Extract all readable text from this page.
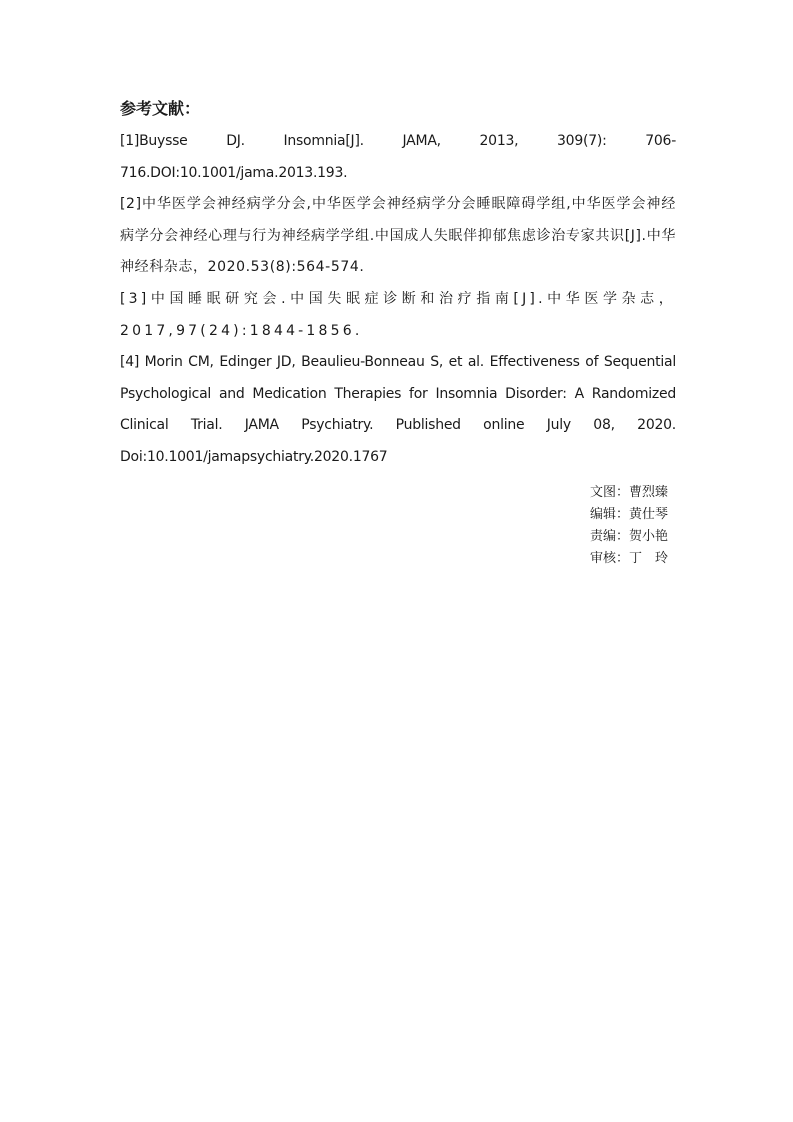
参考文献：

[1]Buysse DJ. Insomnia[J]. JAMA, 2013, 309(7): 706-716.DOI:10.1001/jama.2013.193.

[2]中华医学会神经病学分会,中华医学会神经病学分会睡眠障碍学组,中华医学会神经病学分会神经心理与行为神经病学学组.中国成人失眠伴抑郁焦虑诊治专家共识[J].中华神经科杂志，2020.53(8):564-574.

[3]中国睡眠研究会.中国失眠症诊断和治疗指南[J].中华医学杂志，2017,97(24):1844-1856.

[4] Morin CM, Edinger JD, Beaulieu-Bonneau S, et al. Effectiveness of Sequential Psychological and Medication Therapies for Insomnia Disorder: A Randomized Clinical Trial. JAMA Psychiatry. Published online July 08, 2020. Doi:10.1001/jamapsychiatry.2020.1767

文图：曹烈臻
编辑：黄仕琴
责编：贺小艳
审核：丁　玲
